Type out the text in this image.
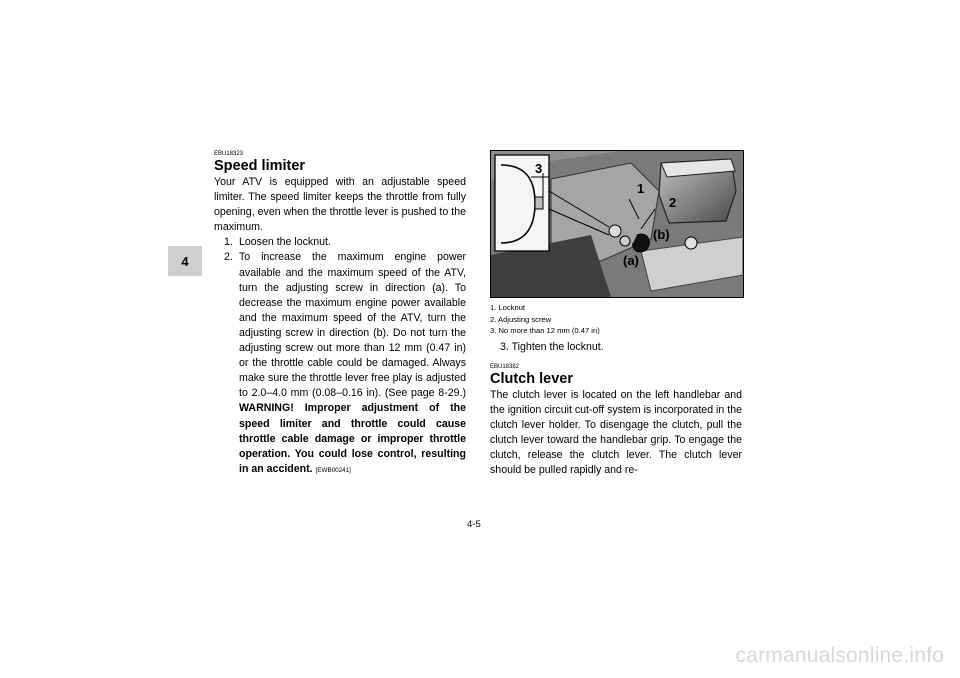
4
EBU18323
Speed limiter

Your ATV is equipped with an adjustable speed limiter. The speed limiter keeps the throttle from fully opening, even when the throttle lever is pushed to the maximum.

1. Loosen the locknut.
2. To increase the maximum engine power available and the maximum speed of the ATV, turn the adjusting screw in direction (a). To decrease the maximum engine power available and the maximum speed of the ATV, turn the adjusting screw in direction (b). Do not turn the adjusting screw out more than 12 mm (0.47 in) or the throttle cable could be damaged. Always make sure the throttle lever free play is adjusted to 2.0–4.0 mm (0.08–0.16 in). (See page 8-29.) WARNING! Improper adjustment of the speed limiter and throttle could cause throttle cable damage or improper throttle operation. You could lose control, resulting in an accident. [EWB00241]
3
1
2
(b)
(a)
1. Locknut
2. Adjusting screw
3. No more than 12 mm (0.47 in)
3. Tighten the locknut.
EBU18382
Clutch lever

The clutch lever is located on the left handlebar and the ignition circuit cut-off system is incorporated in the clutch lever holder. To disengage the clutch, pull the clutch lever toward the handlebar grip. To engage the clutch, release the clutch lever. The clutch lever should be pulled rapidly and re-

4-5
carmanualsonline.info
